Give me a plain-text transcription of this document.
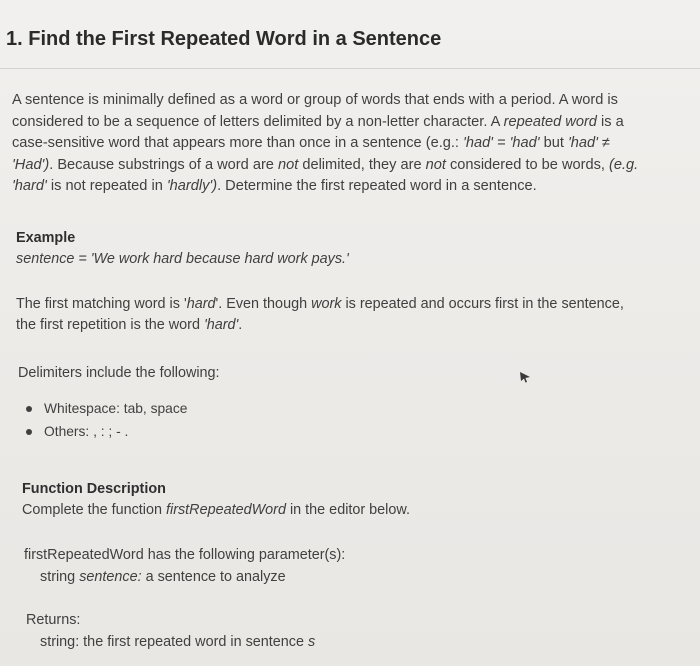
1. Find the First Repeated Word in a Sentence

A sentence is minimally defined as a word or group of words that ends with a period. A word is
considered to be a sequence of letters delimited by a non-letter character. A repeated word is a
case-sensitive word that appears more than once in a sentence (e.g.: 'had' = 'had' but 'had' ≠
'Had'). Because substrings of a word are not delimited, they are not considered to be words, (e.g.
'hard' is not repeated in 'hardly'). Determine the first repeated word in a sentence.

Example

sentence = 'We work hard because hard work pays.'

The first matching word is 'hard'. Even though work is repeated and occurs first in the sentence,
the first repetition is the word 'hard'.

Delimiters include the following:

Whitespace: tab, space
Others: , : ; - .

Function Description

Complete the function firstRepeatedWord in the editor below.

firstRepeatedWord has the following parameter(s):

string sentence: a sentence to analyze

Returns:

string: the first repeated word in sentence s
